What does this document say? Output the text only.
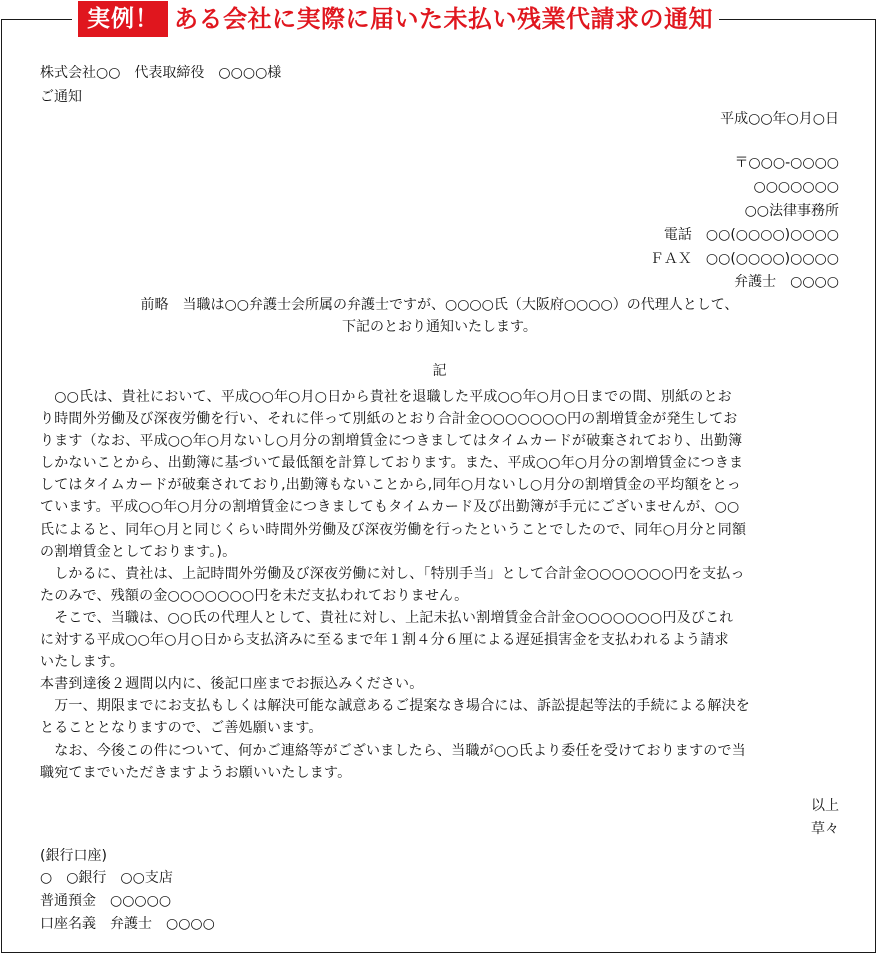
実例！ ある会社に実際に届いた未払い残業代請求の通知
株式会社○○　代表取締役　○○○○様
ご通知
平成○○年○月○日
〒○○○-○○○○
○○○○○○○
○○法律事務所
電話　○○(○○○○)○○○○
ＦＡＸ　○○(○○○○)○○○○
弁護士　○○○○
前略　当職は○○弁護士会所属の弁護士ですが、○○○○氏（大阪府○○○○）の代理人として、
下記のとおり通知いたします。
記
　○○氏は、貴社において、平成○○年○月○日から貴社を退職した平成○○年○月○日までの間、別紙のとお
り時間外労働及び深夜労働を行い、それに伴って別紙のとおり合計金○○○○○○○円の割増賃金が発生してお
ります（なお、平成○○年○月ないし○月分の割増賃金につきましてはタイムカードが破棄されており、出勤簿
しかないことから、出勤簿に基づいて最低額を計算しております。また、平成○○年○月分の割増賃金につきま
してはタイムカードが破棄されており,出勤簿もないことから,同年○月ないし○月分の割増賃金の平均額をとっ
ています。平成○○年○月分の割増賃金につきましてもタイムカード及び出勤簿が手元にございませんが、○○
氏によると、同年○月と同じくらい時間外労働及び深夜労働を行ったということでしたので、同年○月分と同額
の割増賃金としております。)。
　しかるに、貴社は、上記時間外労働及び深夜労働に対し、「特別手当」として合計金○○○○○○○円を支払っ
たのみで、残額の金○○○○○○○円を未だ支払われておりません。
　そこで、当職は、○○氏の代理人として、貴社に対し、上記未払い割増賃金合計金○○○○○○○円及びこれ
に対する平成○○年○月○日から支払済みに至るまで年１割４分６厘による遅延損害金を支払われるよう請求
いたします。
本書到達後２週間以内に、後記口座までお振込みください。
　万一、期限までにお支払もしくは解決可能な誠意あるご提案なき場合には、訴訟提起等法的手続による解決を
とることとなりますので、ご善処願います。
　なお、今後この件について、何かご連絡等がございましたら、当職が○○氏より委任を受けておりますので当
職宛てまでいただきますようお願いいたします。
以上
草々
(銀行口座)
○　○銀行　○○支店
普通預金　○○○○○
口座名義　弁護士　○○○○
